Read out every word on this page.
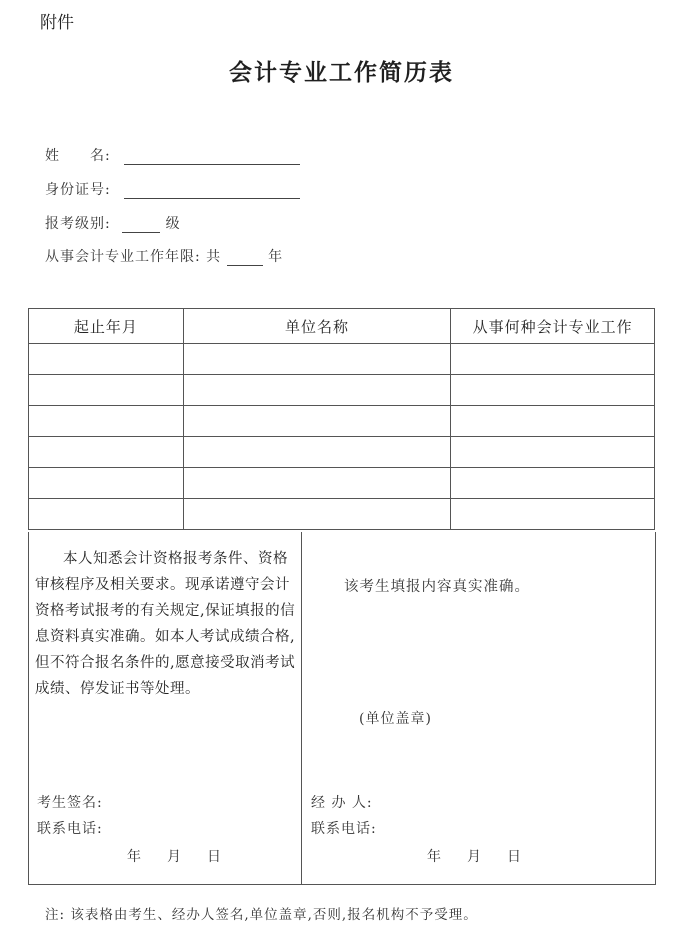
附件
会计专业工作简历表
姓　　名:
身份证号:
报考级别:	级
从事会计专业工作年限: 共	年
起止年月	单位名称	从事何种会计专业工作

本人知悉会计资格报考条件、资格审核程序及相关要求。现承诺遵守会计资格考试报考的有关规定,保证填报的信息资料真实准确。如本人考试成绩合格,但不符合报名条件的,愿意接受取消考试成绩、停发证书等处理。
考生签名:
联系电话:
年 月 日
该考生填报内容真实准确。
(单位盖章)
经 办 人:
联系电话:
年 月 日
注: 该表格由考生、经办人签名,单位盖章,否则,报名机构不予受理。
